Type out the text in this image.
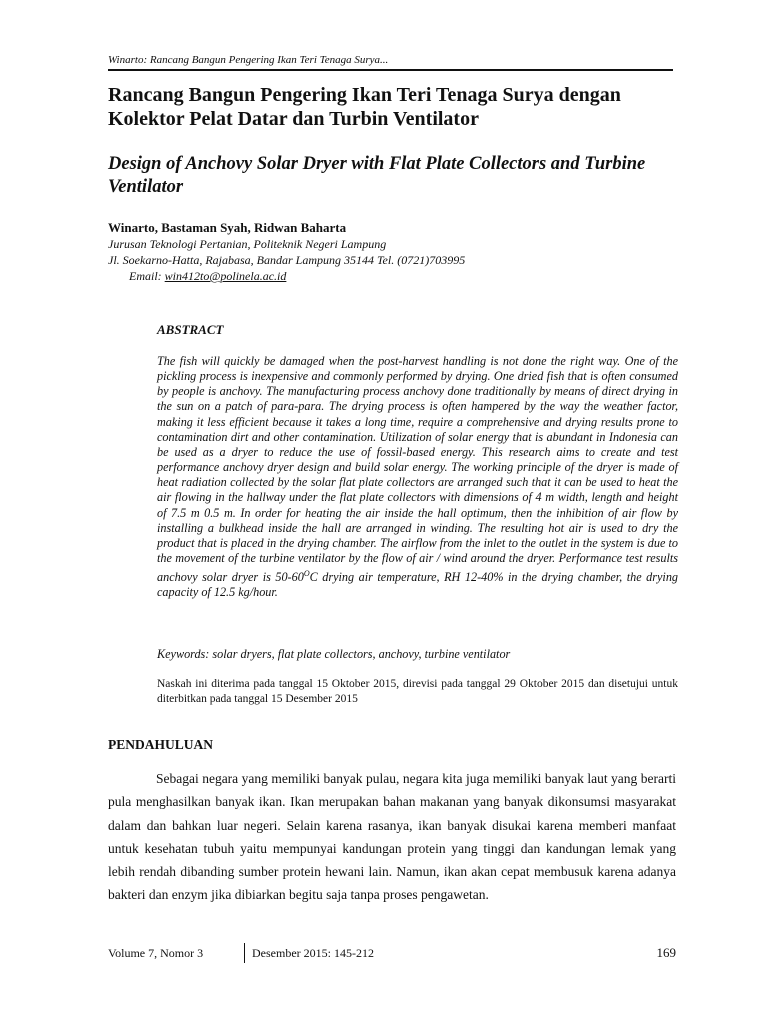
Winarto: Rancang Bangun Pengering Ikan Teri Tenaga Surya...
Rancang Bangun Pengering Ikan Teri Tenaga Surya dengan Kolektor Pelat Datar dan Turbin Ventilator
Design of Anchovy Solar Dryer with Flat Plate Collectors and Turbine Ventilator
Winarto, Bastaman Syah, Ridwan Baharta
Jurusan Teknologi Pertanian, Politeknik Negeri Lampung
Jl. Soekarno-Hatta, Rajabasa, Bandar Lampung 35144 Tel. (0721)703995
Email: win412to@polinela.ac.id
ABSTRACT

The fish will quickly be damaged when the post-harvest handling is not done the right way. One of the pickling process is inexpensive and commonly performed by drying. One dried fish that is often consumed by people is anchovy. The manufacturing process anchovy done traditionally by means of direct drying in the sun on a patch of para-para. The drying process is often hampered by the way the weather factor, making it less efficient because it takes a long time, require a comprehensive and drying results prone to contamination dirt and other contamination. Utilization of solar energy that is abundant in Indonesia can be used as a dryer to reduce the use of fossil-based energy. This research aims to create and test performance anchovy dryer design and build solar energy. The working principle of the dryer is made of heat radiation collected by the solar flat plate collectors are arranged such that it can be used to heat the air flowing in the hallway under the flat plate collectors with dimensions of 4 m width, length and height of 7.5 m 0.5 m. In order for heating the air inside the hall optimum, then the inhibition of air flow by installing a bulkhead inside the hall are arranged in winding. The resulting hot air is used to dry the product that is placed in the drying chamber. The airflow from the inlet to the outlet in the system is due to the movement of the turbine ventilator by the flow of air / wind around the dryer. Performance test results anchovy solar dryer is $50-60^OC$ drying air temperature, RH 12-40% in the drying chamber, the drying capacity of 12.5 kg/hour.

Keywords: solar dryers, flat plate collectors, anchovy, turbine ventilator

Naskah ini diterima pada tanggal 15 Oktober 2015, direvisi pada tanggal 29 Oktober 2015 dan disetujui untuk diterbitkan pada tanggal 15 Desember 2015

PENDAHULUAN

Sebagai negara yang memiliki banyak pulau, negara kita juga memiliki banyak laut yang berarti pula menghasilkan banyak ikan. Ikan merupakan bahan makanan yang banyak dikonsumsi masyarakat dalam dan bahkan luar negeri. Selain karena rasanya, ikan banyak disukai karena memberi manfaat untuk kesehatan tubuh yaitu mempunyai kandungan protein yang tinggi dan kandungan lemak yang lebih rendah dibanding sumber protein hewani lain. Namun, ikan akan cepat membusuk karena adanya bakteri dan enzym jika dibiarkan begitu saja tanpa proses pengawetan.

Volume 7, Nomor 3	Desember 2015: 145-212	169
